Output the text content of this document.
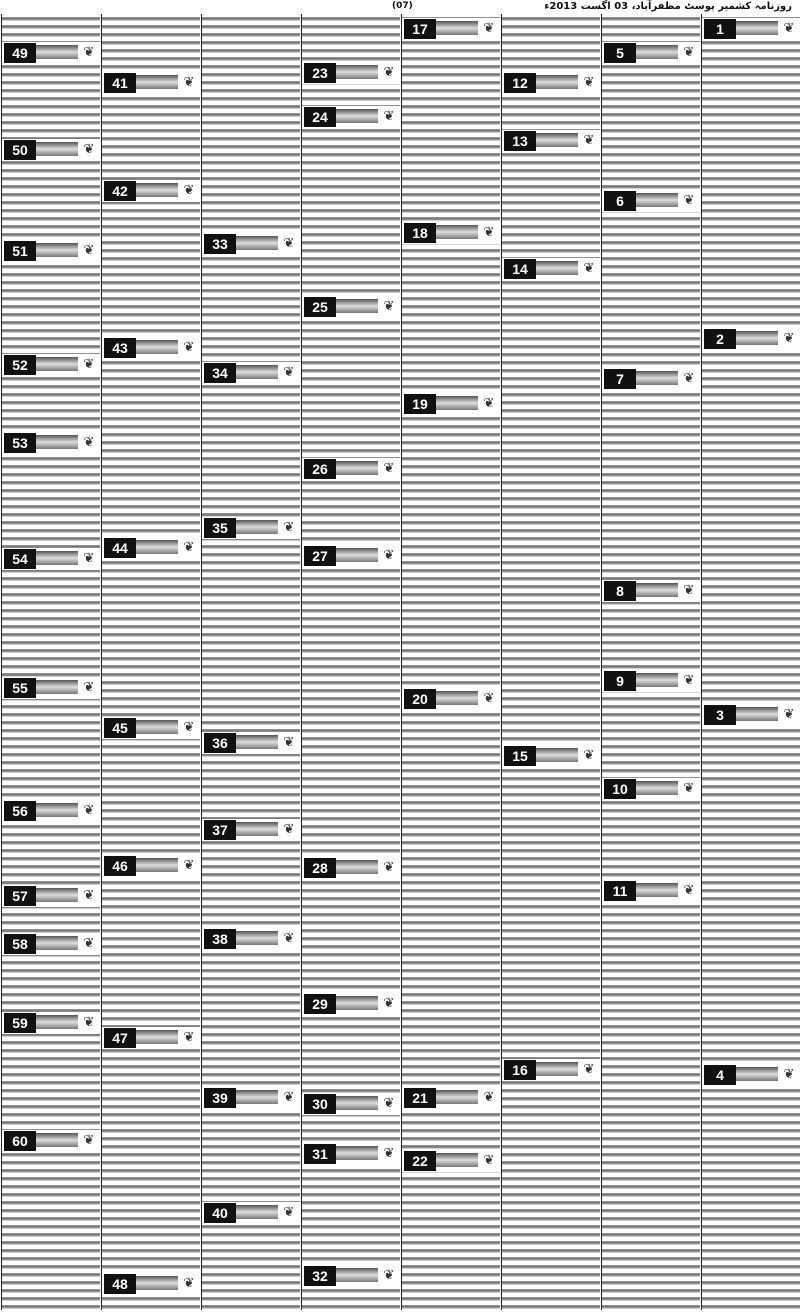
روزنامہ کشمیر پوسٹ مظفرآباد، 03 اگست 2013ء
(07)
1	❦
2	❦
3	❦
4	❦
5	❦
6	❦
7	❦
8	❦
9	❦
10	❦
11	❦
12	❦
13	❦
14	❦
15	❦
16	❦
17	❦
18	❦
19	❦
20	❦
21	❦
22	❦
23	❦
24	❦
25	❦
26	❦
27	❦
28	❦
29	❦
30	❦
31	❦
32	❦
33	❦
34	❦
35	❦
36	❦
37	❦
38	❦
39	❦
40	❦
41	❦
42	❦
43	❦
44	❦
45	❦
46	❦
47	❦
48	❦
49	❦
50	❦
51	❦
52	❦
53	❦
54	❦
55	❦
56	❦
57	❦
58	❦
59	❦
60	❦
